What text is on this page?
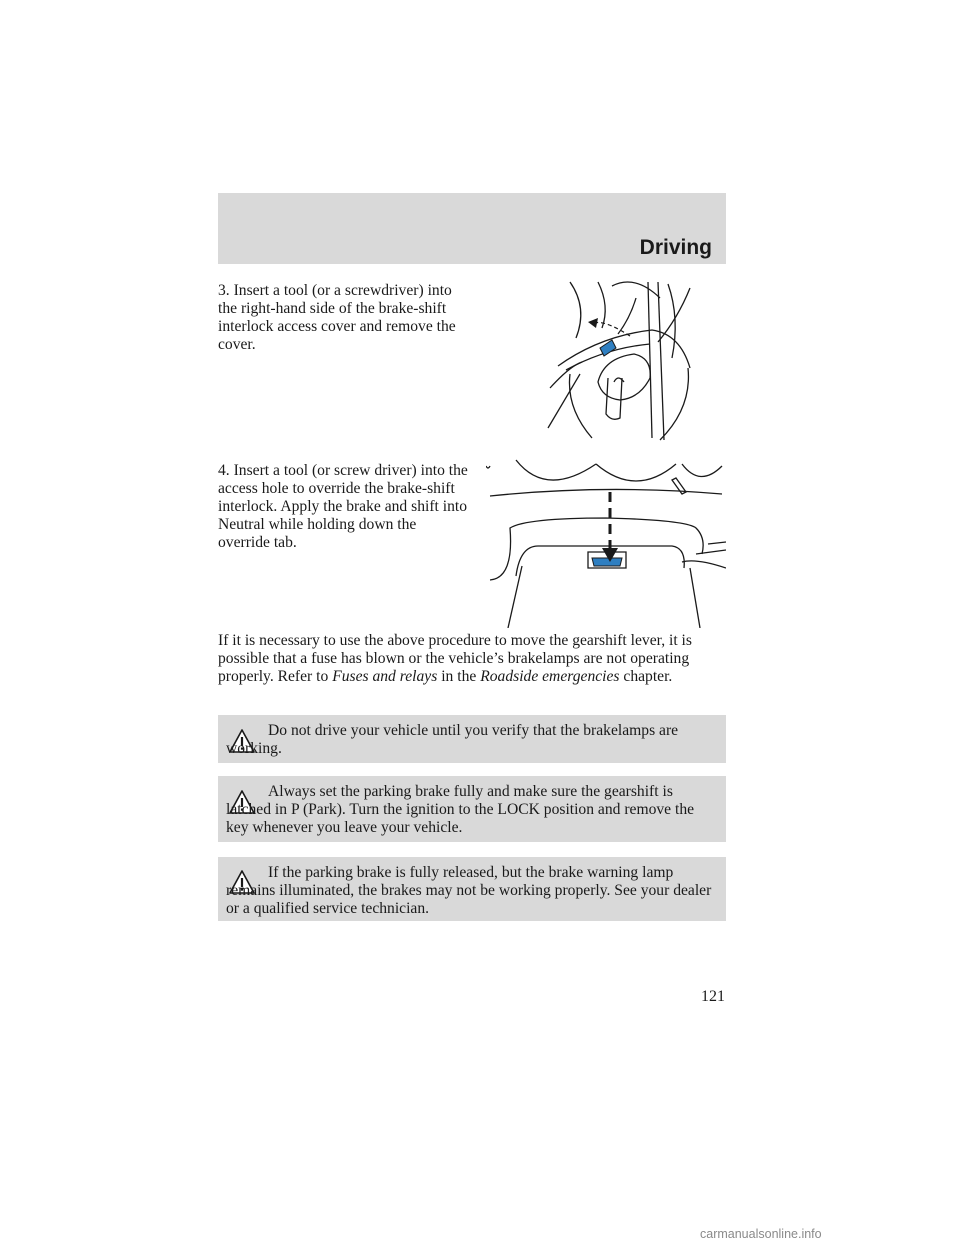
Driving

3. Insert a tool (or a screwdriver) into the right-hand side of the brake-shift interlock access cover and remove the cover.

4. Insert a tool (or screw driver) into the access hole to override the brake-shift interlock. Apply the brake and shift into Neutral while holding down the override tab.

If it is necessary to use the above procedure to move the gearshift lever, it is possible that a fuse has blown or the vehicle’s brakelamps are not operating properly. Refer to Fuses and relays in the Roadside emergencies chapter.

Do not drive your vehicle until you verify that the brakelamps are working.
Always set the parking brake fully and make sure the gearshift is latched in P (Park). Turn the ignition to the LOCK position and remove the key whenever you leave your vehicle.
If the parking brake is fully released, but the brake warning lamp remains illuminated, the brakes may not be working properly. See your dealer or a qualified service technician.
121
carmanualsonline.info
